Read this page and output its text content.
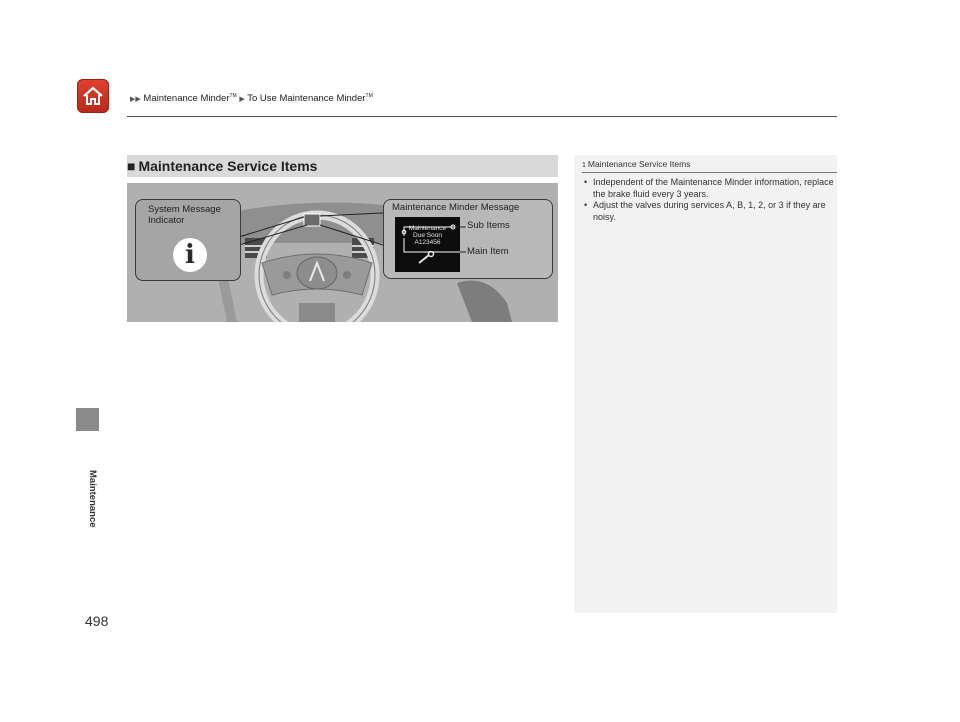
▶▶ Maintenance Minder™ ▶ To Use Maintenance Minder™
Maintenance
498
■ Maintenance Service Items
System Message
Indicator
i
Maintenance Minder Message
Maintenance
Due Soon
A123456
Sub Items
Main Item
1 Maintenance Service Items
• Independent of the Maintenance Minder information, replace the brake fluid every 3 years.
• Adjust the valves during services A, B, 1, 2, or 3 if they are noisy.
